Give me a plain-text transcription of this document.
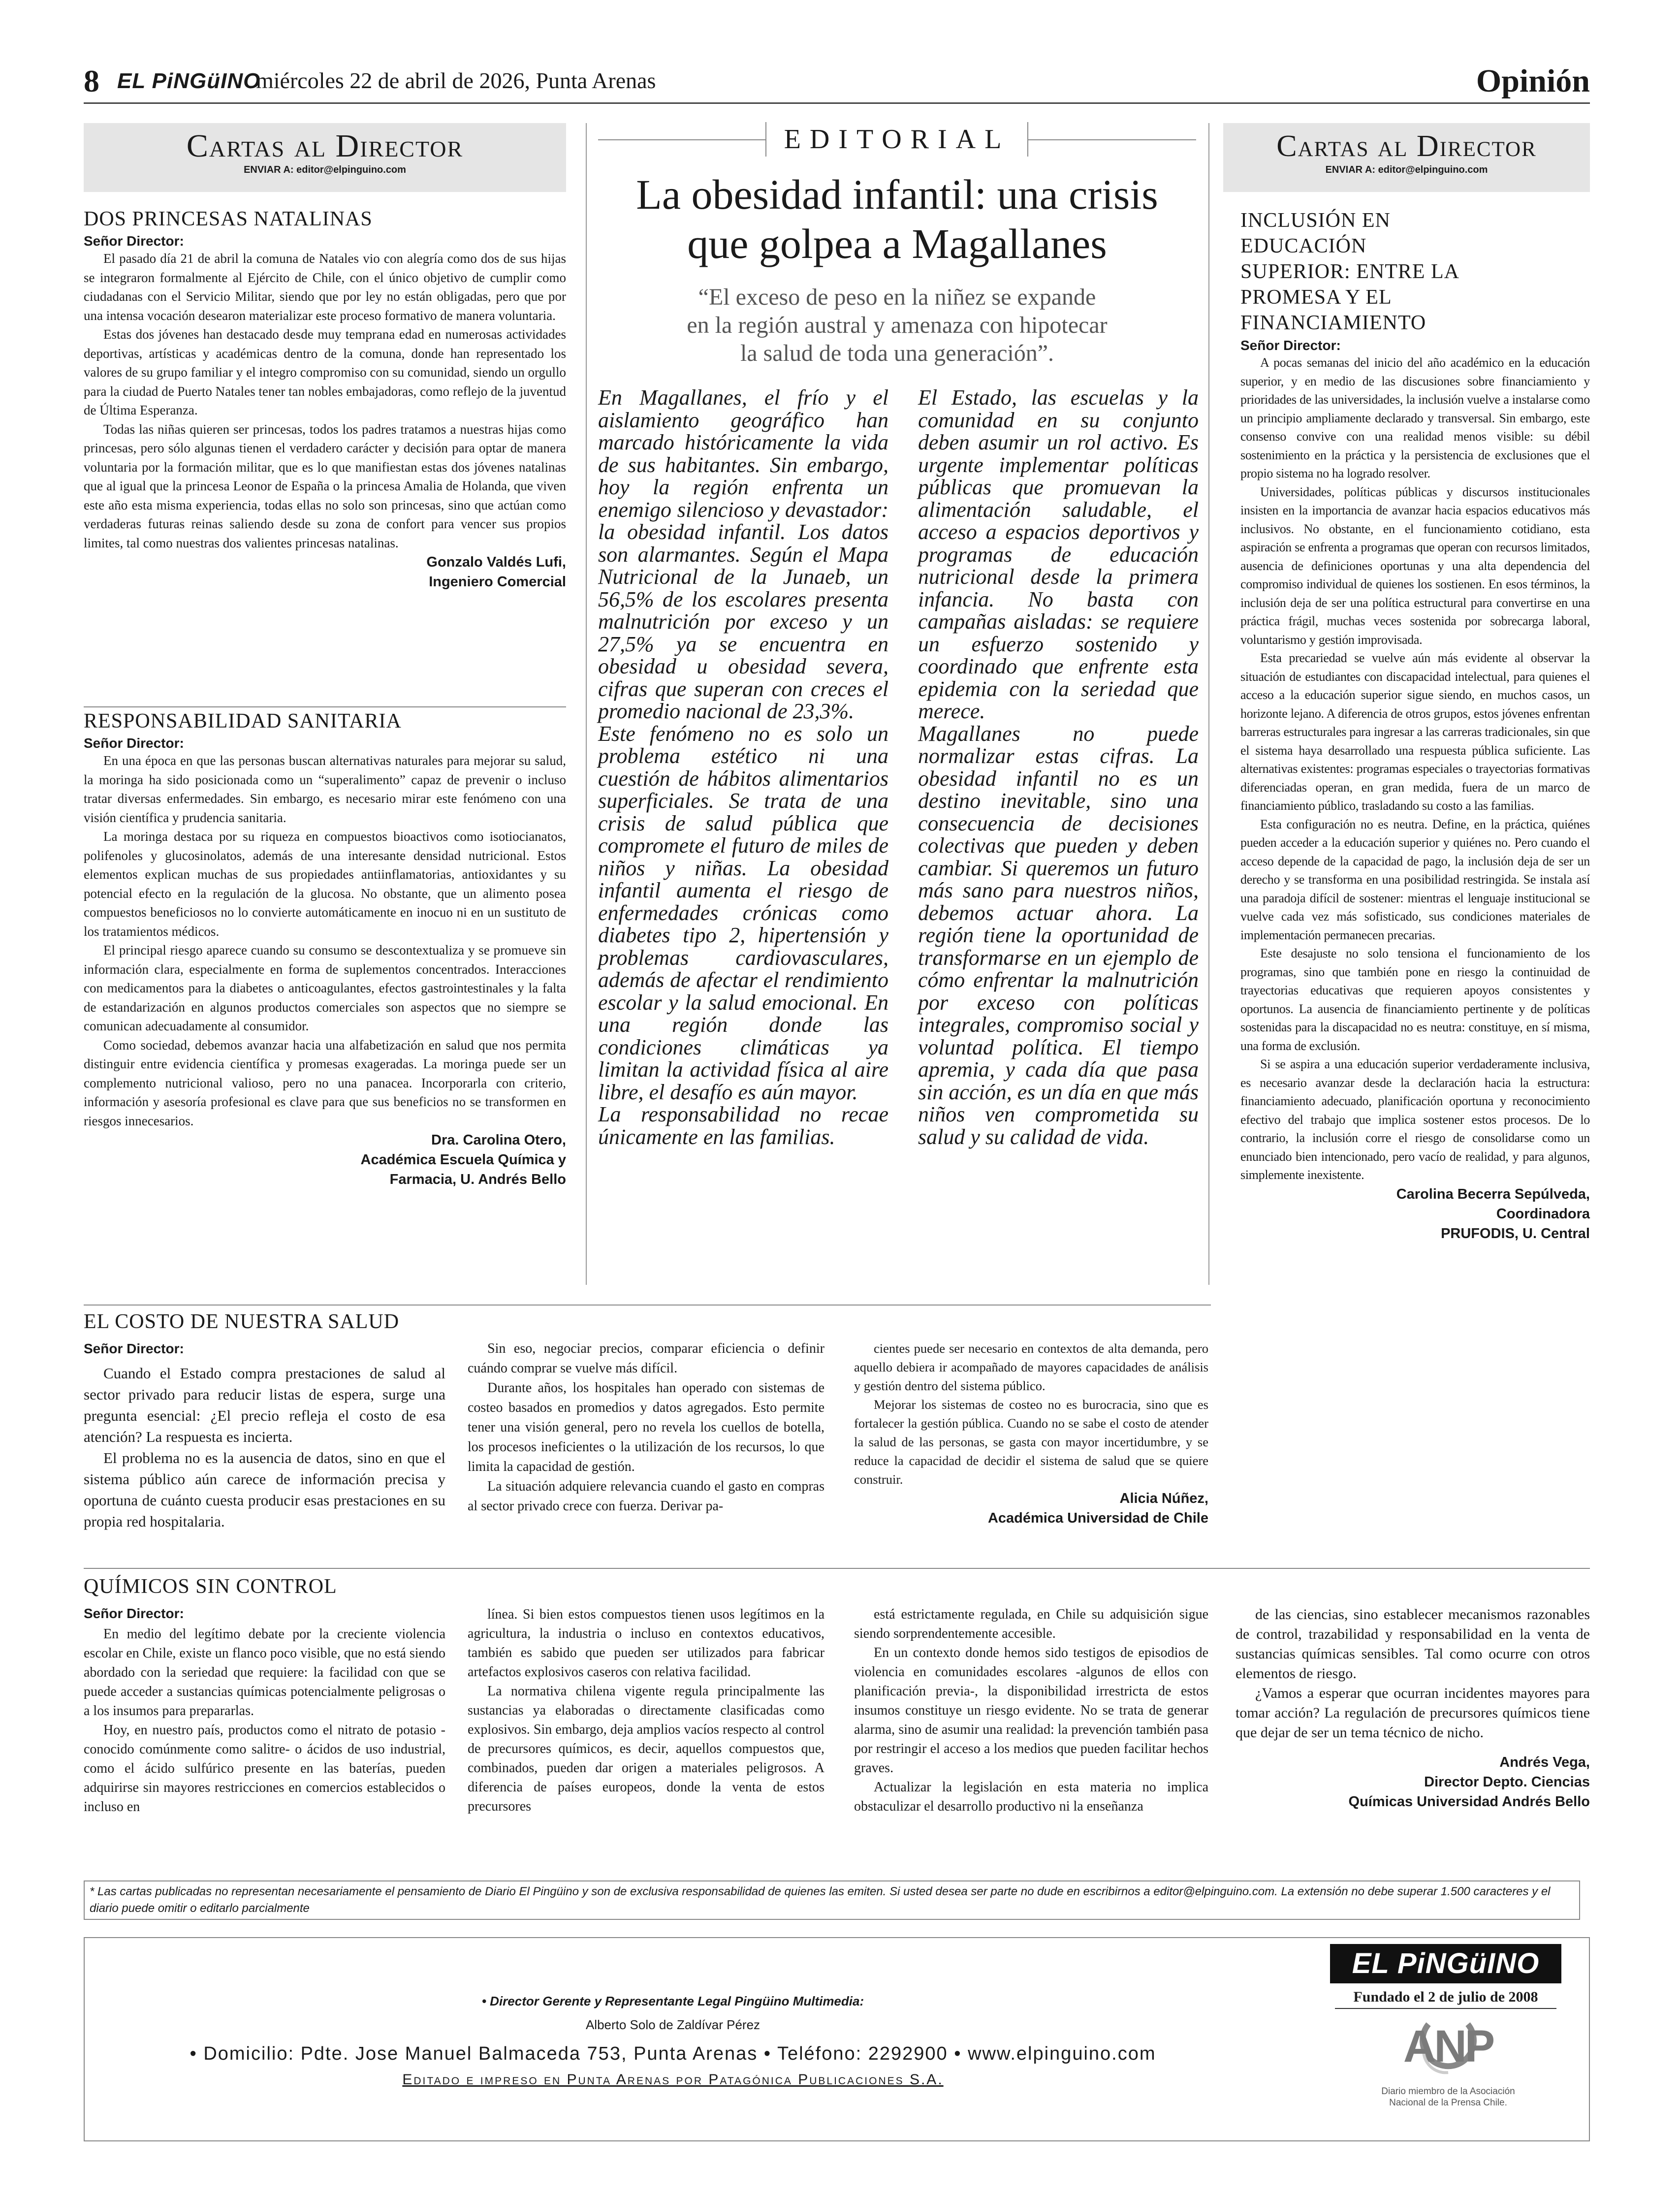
8 EL PiNGüINO
miércoles 22 de abril de 2026, Punta Arenas	Opinión
Cartas al Director
ENVIAR A: editor@elpinguino.com
DOS PRINCESAS NATALINAS
Señor Director:

El pasado día 21 de abril la comuna de Natales vio con alegría como dos de sus hijas se integraron formalmente al Ejército de Chile, con el único objetivo de cumplir como ciudadanas con el Servicio Militar, siendo que por ley no están obligadas, pero que por una intensa vocación desearon materializar este proceso formativo de manera voluntaria.

Estas dos jóvenes han destacado desde muy temprana edad en numerosas actividades deportivas, artísticas y académicas dentro de la comuna, donde han representado los valores de su grupo familiar y el integro compromiso con su comunidad, siendo un orgullo para la ciudad de Puerto Natales tener tan nobles embajadoras, como reflejo de la juventud de Última Esperanza.

Todas las niñas quieren ser princesas, todos los padres tratamos a nuestras hijas como princesas, pero sólo algunas tienen el verdadero carácter y decisión para optar de manera voluntaria por la formación militar, que es lo que manifiestan estas dos jóvenes natalinas que al igual que la princesa Leonor de España o la princesa Amalia de Holanda, que viven este año esta misma experiencia, todas ellas no solo son princesas, sino que actúan como verdaderas futuras reinas saliendo desde su zona de confort para vencer sus propios limites, tal como nuestras dos valientes princesas natalinas.

Gonzalo Valdés Lufi,
Ingeniero Comercial
RESPONSABILIDAD SANITARIA
Señor Director:

En una época en que las personas buscan alternativas naturales para mejorar su salud, la moringa ha sido posicionada como un “superalimento” capaz de prevenir o incluso tratar diversas enfermedades. Sin embargo, es necesario mirar este fenómeno con una visión científica y prudencia sanitaria.

La moringa destaca por su riqueza en compuestos bioactivos como isotiocianatos, polifenoles y glucosinolatos, además de una interesante densidad nutricional. Estos elementos explican muchas de sus propiedades antiinflamatorias, antioxidantes y su potencial efecto en la regulación de la glucosa. No obstante, que un alimento posea compuestos beneficiosos no lo convierte automáticamente en inocuo ni en un sustituto de los tratamientos médicos.

El principal riesgo aparece cuando su consumo se descontextualiza y se promueve sin información clara, especialmente en forma de suplementos concentrados. Interacciones con medicamentos para la diabetes o anticoagulantes, efectos gastrointestinales y la falta de estandarización en algunos productos comerciales son aspectos que no siempre se comunican adecuadamente al consumidor.

Como sociedad, debemos avanzar hacia una alfabetización en salud que nos permita distinguir entre evidencia científica y promesas exageradas. La moringa puede ser un complemento nutricional valioso, pero no una panacea. Incorporarla con criterio, información y asesoría profesional es clave para que sus beneficios no se transformen en riesgos innecesarios.

Dra. Carolina Otero,
Académica Escuela Química y
Farmacia, U. Andrés Bello
EDITORIAL
La obesidad infantil: una crisis
que golpea a Magallanes
“El exceso de peso en la niñez se expande
en la región austral y amenaza con hipotecar
la salud de toda una generación”.

En Magallanes, el frío y el aislamiento geográfico han marcado históricamente la vida de sus habitantes. Sin embargo, hoy la región enfrenta un enemigo silencioso y devastador: la obesidad infantil. Los datos son alarmantes. Según el Mapa Nutricional de la Junaeb, un 56,5% de los escolares presenta malnutrición por exceso y un 27,5% ya se encuentra en obesidad u obesidad severa, cifras que superan con creces el promedio nacional de 23,3%.

Este fenómeno no es solo un problema estético ni una cuestión de hábitos alimentarios superficiales. Se trata de una crisis de salud pública que compromete el futuro de miles de niños y niñas. La obesidad infantil aumenta el riesgo de enfermedades crónicas como diabetes tipo 2, hipertensión y problemas cardiovasculares, además de afectar el rendimiento escolar y la salud emocional. En una región donde las condiciones climáticas ya limitan la actividad física al aire libre, el desafío es aún mayor.

La responsabilidad no recae únicamente en las familias.

El Estado, las escuelas y la comunidad en su conjunto deben asumir un rol activo. Es urgente implementar políticas públicas que promuevan la alimentación saludable, el acceso a espacios deportivos y programas de educación nutricional desde la primera infancia. No basta con campañas aisladas: se requiere un esfuerzo sostenido y coordinado que enfrente esta epidemia con la seriedad que merece.

Magallanes no puede normalizar estas cifras. La obesidad infantil no es un destino inevitable, sino una consecuencia de decisiones colectivas que pueden y deben cambiar. Si queremos un futuro más sano para nuestros niños, debemos actuar ahora. La región tiene la oportunidad de transformarse en un ejemplo de cómo enfrentar la malnutrición por exceso con políticas integrales, compromiso social y voluntad política. El tiempo apremia, y cada día que pasa sin acción, es un día en que más niños ven comprometida su salud y su calidad de vida.

Cartas al Director
ENVIAR A: editor@elpinguino.com
INCLUSIÓN EN EDUCACIÓN SUPERIOR: ENTRE LA PROMESA Y EL FINANCIAMIENTO
Señor Director:

A pocas semanas del inicio del año académico en la educación superior, y en medio de las discusiones sobre financiamiento y prioridades de las universidades, la inclusión vuelve a instalarse como un principio ampliamente declarado y transversal. Sin embargo, este consenso convive con una realidad menos visible: su débil sostenimiento en la práctica y la persistencia de exclusiones que el propio sistema no ha logrado resolver.

Universidades, políticas públicas y discursos institucionales insisten en la importancia de avanzar hacia espacios educativos más inclusivos. No obstante, en el funcionamiento cotidiano, esta aspiración se enfrenta a programas que operan con recursos limitados, ausencia de definiciones oportunas y una alta dependencia del compromiso individual de quienes los sostienen. En esos términos, la inclusión deja de ser una política estructural para convertirse en una práctica frágil, muchas veces sostenida por sobrecarga laboral, voluntarismo y gestión improvisada.

Esta precariedad se vuelve aún más evidente al observar la situación de estudiantes con discapacidad intelectual, para quienes el acceso a la educación superior sigue siendo, en muchos casos, un horizonte lejano. A diferencia de otros grupos, estos jóvenes enfrentan barreras estructurales para ingresar a las carreras tradicionales, sin que el sistema haya desarrollado una respuesta pública suficiente. Las alternativas existentes: programas especiales o trayectorias formativas diferenciadas operan, en gran medida, fuera de un marco de financiamiento público, trasladando su costo a las familias.

Esta configuración no es neutra. Define, en la práctica, quiénes pueden acceder a la educación superior y quiénes no. Pero cuando el acceso depende de la capacidad de pago, la inclusión deja de ser un derecho y se transforma en una posibilidad restringida. Se instala así una paradoja difícil de sostener: mientras el lenguaje institucional se vuelve cada vez más sofisticado, sus condiciones materiales de implementación permanecen precarias.

Este desajuste no solo tensiona el funcionamiento de los programas, sino que también pone en riesgo la continuidad de trayectorias educativas que requieren apoyos consistentes y oportunos. La ausencia de financiamiento pertinente y de políticas sostenidas para la discapacidad no es neutra: constituye, en sí misma, una forma de exclusión.

Si se aspira a una educación superior verdaderamente inclusiva, es necesario avanzar desde la declaración hacia la estructura: financiamiento adecuado, planificación oportuna y reconocimiento efectivo del trabajo que implica sostener estos procesos. De lo contrario, la inclusión corre el riesgo de consolidarse como un enunciado bien intencionado, pero vacío de realidad, y para algunos, simplemente inexistente.

Carolina Becerra Sepúlveda,
Coordinadora
PRUFODIS, U. Central
EL COSTO DE NUESTRA SALUD
Señor Director:

Cuando el Estado compra prestaciones de salud al sector privado para reducir listas de espera, surge una pregunta esencial: ¿El precio refleja el costo de esa atención? La respuesta es incierta.

El problema no es la ausencia de datos, sino en que el sistema público aún carece de información precisa y oportuna de cuánto cuesta producir esas prestaciones en su propia red hospitalaria.

Sin eso, negociar precios, comparar eficiencia o definir cuándo comprar se vuelve más difícil.

Durante años, los hospitales han operado con sistemas de costeo basados en promedios y datos agregados. Esto permite tener una visión general, pero no revela los cuellos de botella, los procesos ineficientes o la utilización de los recursos, lo que limita la capacidad de gestión.

La situación adquiere relevancia cuando el gasto en compras al sector privado crece con fuerza. Derivar pa-

cientes puede ser necesario en contextos de alta demanda, pero aquello debiera ir acompañado de mayores capacidades de análisis y gestión dentro del sistema público.

Mejorar los sistemas de costeo no es burocracia, sino que es fortalecer la gestión pública. Cuando no se sabe el costo de atender la salud de las personas, se gasta con mayor incertidumbre, y se reduce la capacidad de decidir el sistema de salud que se quiere construir.

Alicia Núñez,
Académica Universidad de Chile
QUÍMICOS SIN CONTROL
Señor Director:

En medio del legítimo debate por la creciente violencia escolar en Chile, existe un flanco poco visible, que no está siendo abordado con la seriedad que requiere: la facilidad con que se puede acceder a sustancias químicas potencialmente peligrosas o a los insumos para prepararlas.

Hoy, en nuestro país, productos como el nitrato de potasio -conocido comúnmente como salitre- o ácidos de uso industrial, como el ácido sulfúrico presente en las baterías, pueden adquirirse sin mayores restricciones en comercios establecidos o incluso en

línea. Si bien estos compuestos tienen usos legítimos en la agricultura, la industria o incluso en contextos educativos, también es sabido que pueden ser utilizados para fabricar artefactos explosivos caseros con relativa facilidad.

La normativa chilena vigente regula principalmente las sustancias ya elaboradas o directamente clasificadas como explosivos. Sin embargo, deja amplios vacíos respecto al control de precursores químicos, es decir, aquellos compuestos que, combinados, pueden dar origen a materiales peligrosos. A diferencia de países europeos, donde la venta de estos precursores

está estrictamente regulada, en Chile su adquisición sigue siendo sorprendentemente accesible.

En un contexto donde hemos sido testigos de episodios de violencia en comunidades escolares -algunos de ellos con planificación previa-, la disponibilidad irrestricta de estos insumos constituye un riesgo evidente. No se trata de generar alarma, sino de asumir una realidad: la prevención también pasa por restringir el acceso a los medios que pueden facilitar hechos graves.

Actualizar la legislación en esta materia no implica obstaculizar el desarrollo productivo ni la enseñanza

de las ciencias, sino establecer mecanismos razonables de control, trazabilidad y responsabilidad en la venta de sustancias químicas sensibles. Tal como ocurre con otros elementos de riesgo.

¿Vamos a esperar que ocurran incidentes mayores para tomar acción? La regulación de precursores químicos tiene que dejar de ser un tema técnico de nicho.

Andrés Vega,
Director Depto. Ciencias
Químicas Universidad Andrés Bello
* Las cartas publicadas no representan necesariamente el pensamiento de Diario El Pingüino y son de exclusiva responsabilidad de quienes las emiten. Si usted desea ser parte no dude en escribirnos a editor@elpinguino.com. La extensión no debe superar 1.500 caracteres y el diario puede omitir o editarlo parcialmente
• Director Gerente y Representante Legal Pingüino Multimedia:
Alberto Solo de Zaldívar Pérez
• Domicilio: Pdte. Jose Manuel Balmaceda 753, Punta Arenas • Teléfono: 2292900 • www.elpinguino.com
Editado e impreso en Punta Arenas por Patagónica Publicaciones S.A.
EL PiNGüINO
Fundado el 2 de julio de 2008
ANP
Diario miembro de la Asociación
Nacional de la Prensa Chile.
